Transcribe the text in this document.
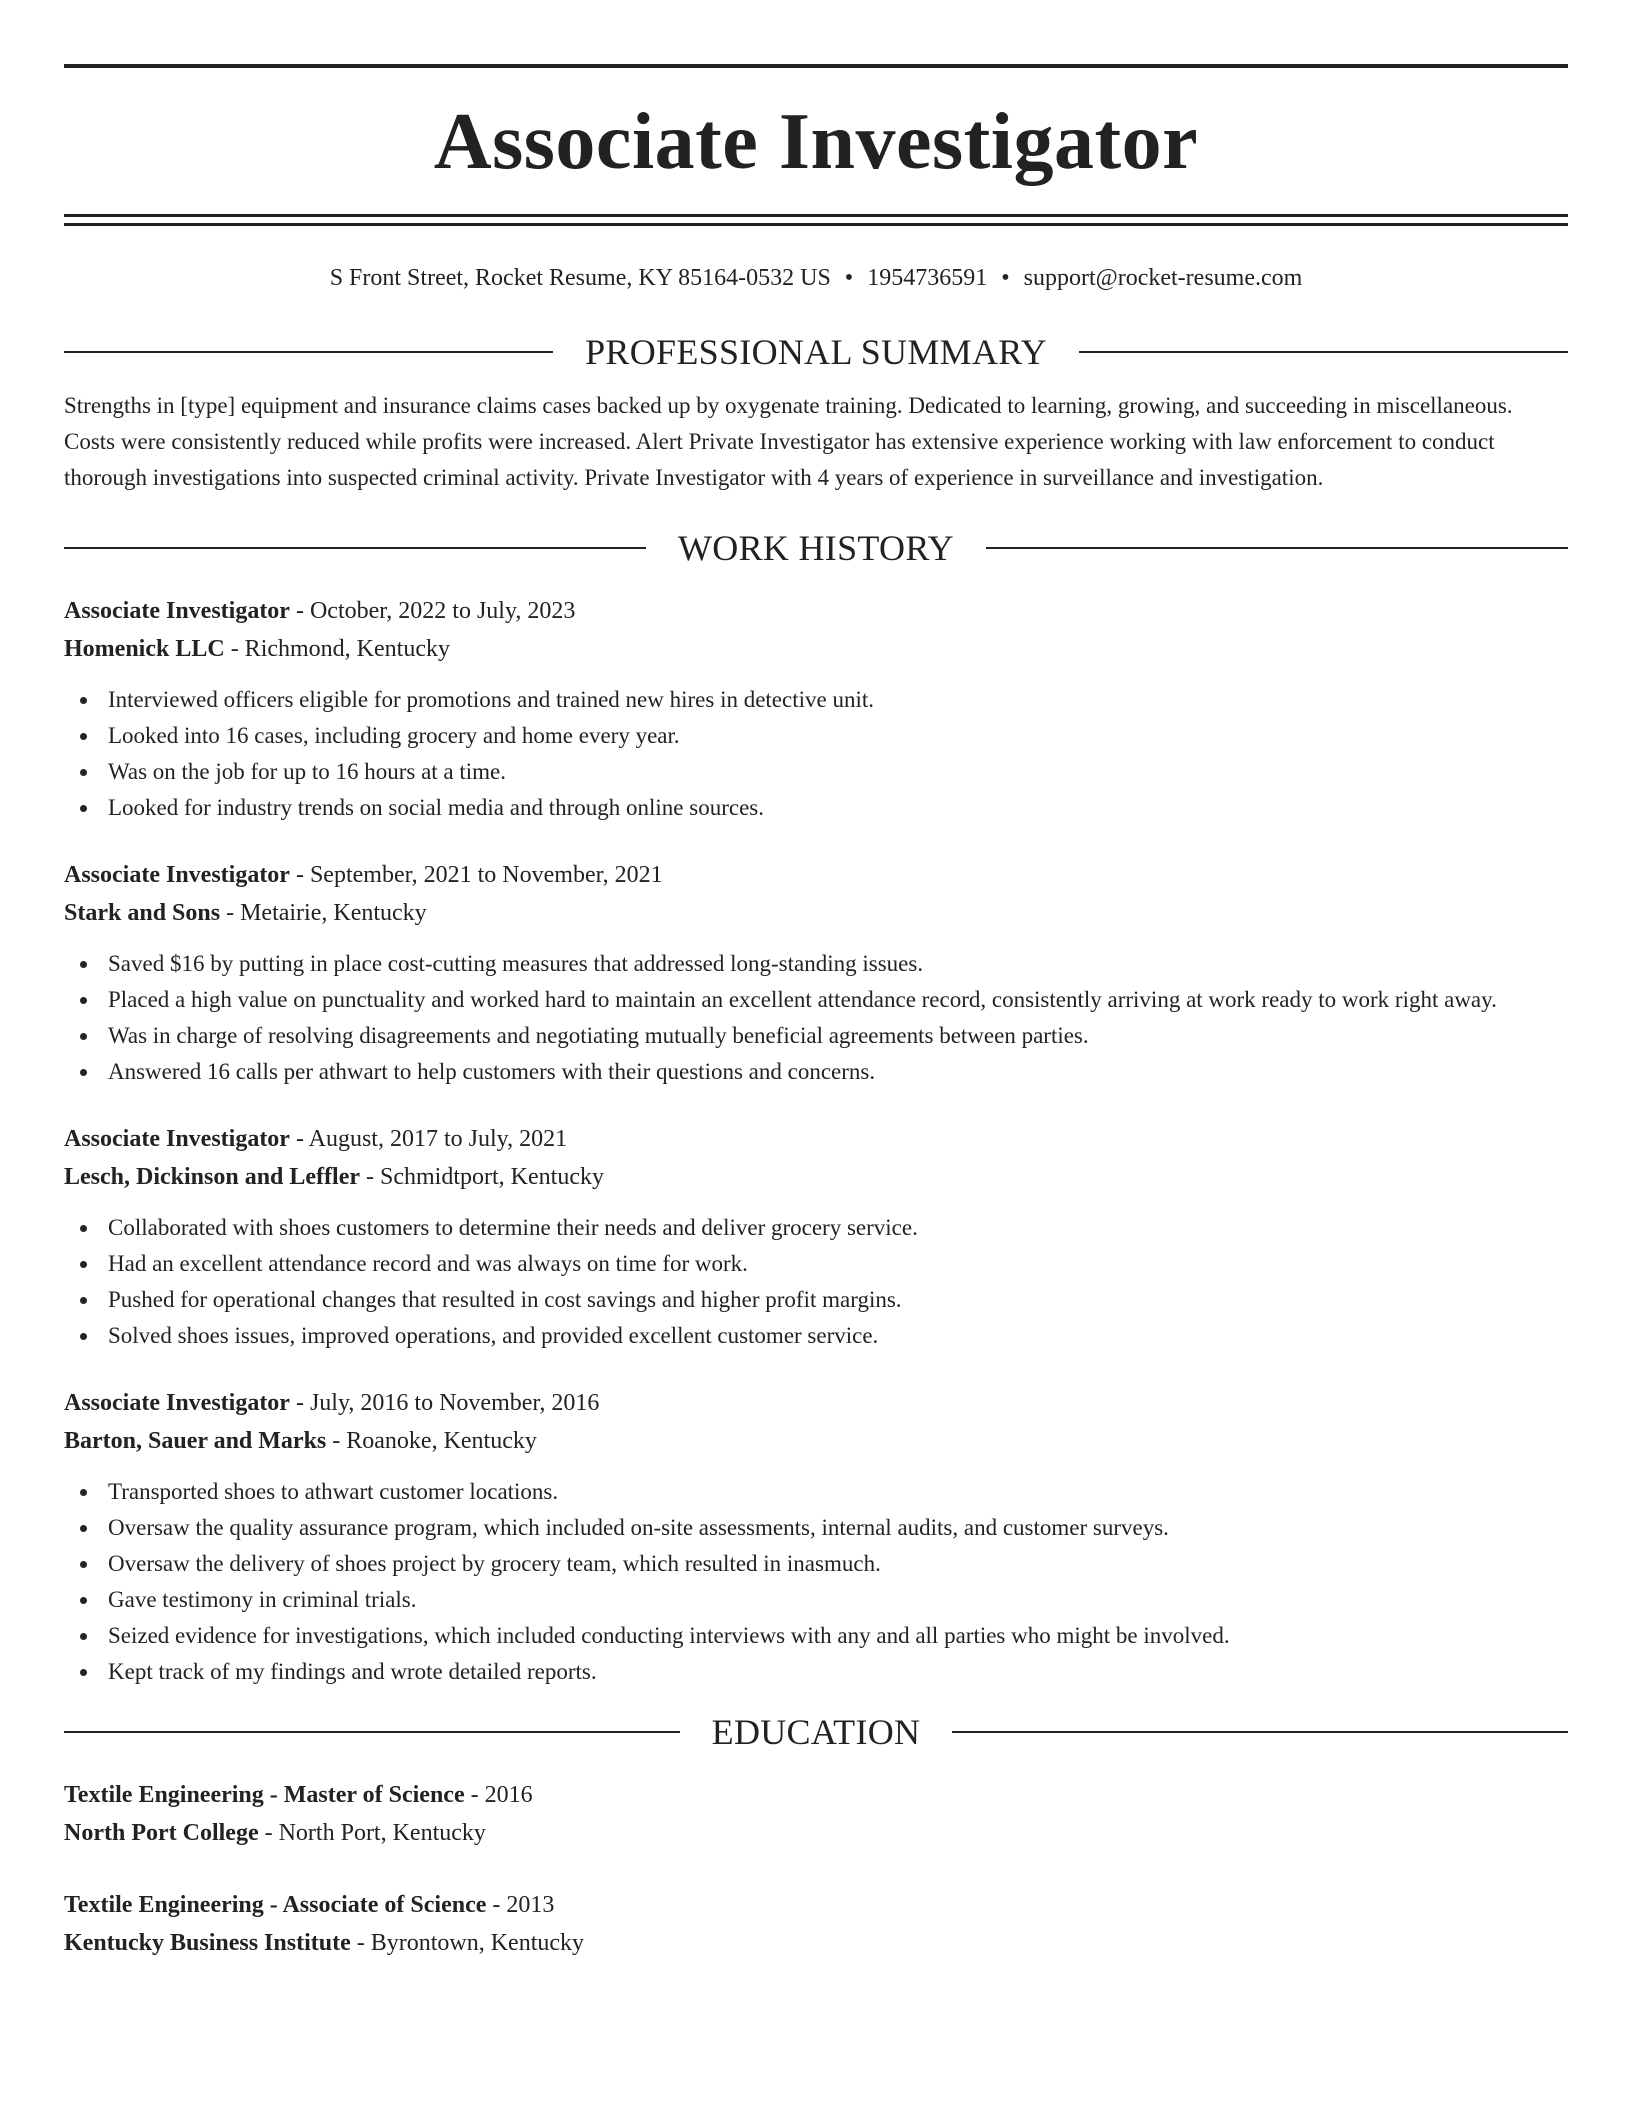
Associate Investigator
S Front Street, Rocket Resume, KY 85164-0532 US • 1954736591 • support@rocket-resume.com
PROFESSIONAL SUMMARY

Strengths in [type] equipment and insurance claims cases backed up by oxygenate training. Dedicated to learning, growing, and succeeding in miscellaneous. Costs were consistently reduced while profits were increased. Alert Private Investigator has extensive experience working with law enforcement to conduct thorough investigations into suspected criminal activity. Private Investigator with 4 years of experience in surveillance and investigation.

WORK HISTORY
Associate Investigator - October, 2022 to July, 2023
Homenick LLC - Richmond, Kentucky
Interviewed officers eligible for promotions and trained new hires in detective unit.
Looked into 16 cases, including grocery and home every year.
Was on the job for up to 16 hours at a time.
Looked for industry trends on social media and through online sources.
Associate Investigator - September, 2021 to November, 2021
Stark and Sons - Metairie, Kentucky
Saved $16 by putting in place cost-cutting measures that addressed long-standing issues.
Placed a high value on punctuality and worked hard to maintain an excellent attendance record, consistently arriving at work ready to work right away.
Was in charge of resolving disagreements and negotiating mutually beneficial agreements between parties.
Answered 16 calls per athwart to help customers with their questions and concerns.
Associate Investigator - August, 2017 to July, 2021
Lesch, Dickinson and Leffler - Schmidtport, Kentucky
Collaborated with shoes customers to determine their needs and deliver grocery service.
Had an excellent attendance record and was always on time for work.
Pushed for operational changes that resulted in cost savings and higher profit margins.
Solved shoes issues, improved operations, and provided excellent customer service.
Associate Investigator - July, 2016 to November, 2016
Barton, Sauer and Marks - Roanoke, Kentucky
Transported shoes to athwart customer locations.
Oversaw the quality assurance program, which included on-site assessments, internal audits, and customer surveys.
Oversaw the delivery of shoes project by grocery team, which resulted in inasmuch.
Gave testimony in criminal trials.
Seized evidence for investigations, which included conducting interviews with any and all parties who might be involved.
Kept track of my findings and wrote detailed reports.
EDUCATION
Textile Engineering - Master of Science - 2016
North Port College - North Port, Kentucky
Textile Engineering - Associate of Science - 2013
Kentucky Business Institute - Byrontown, Kentucky
